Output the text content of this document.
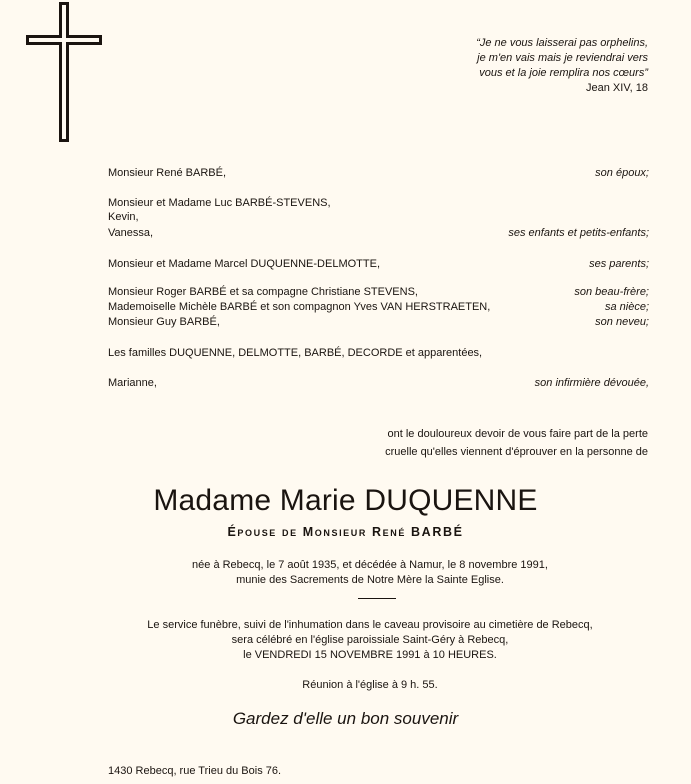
“Je ne vous laisserai pas orphelins,
je m'en vais mais je reviendrai vers
vous et la joie remplira nos cœurs”
Jean XIV, 18
Monsieur René BARBÉ,	son époux;
Monsieur et Madame Luc BARBÉ-STEVENS,
Kevin,
Vanessa,	ses enfants et petits-enfants;
Monsieur et Madame Marcel DUQUENNE-DELMOTTE,	ses parents;
Monsieur Roger BARBÉ et sa compagne Christiane STEVENS,	son beau-frère;
Mademoiselle Michèle BARBÉ et son compagnon Yves VAN HERSTRAETEN,	sa nièce;
Monsieur Guy BARBÉ,	son neveu;
Les familles DUQUENNE, DELMOTTE, BARBÉ, DECORDE et apparentées,
Marianne,	son infirmière dévouée,
ont le douloureux devoir de vous faire part de la perte
cruelle qu'elles viennent d'éprouver en la personne de
Madame Marie DUQUENNE
Épouse de Monsieur René BARBÉ
née à Rebecq, le 7 août 1935, et décédée à Namur, le 8 novembre 1991,
munie des Sacrements de Notre Mère la Sainte Eglise.
Le service funèbre, suivi de l'inhumation dans le caveau provisoire au cimetière de Rebecq,
sera célébré en l'église paroissiale Saint-Géry à Rebecq,
le VENDREDI 15 NOVEMBRE 1991 à 10 HEURES.
Réunion à l'église à 9 h. 55.
Gardez d'elle un bon souvenir
1430 Rebecq, rue Trieu du Bois 76.
